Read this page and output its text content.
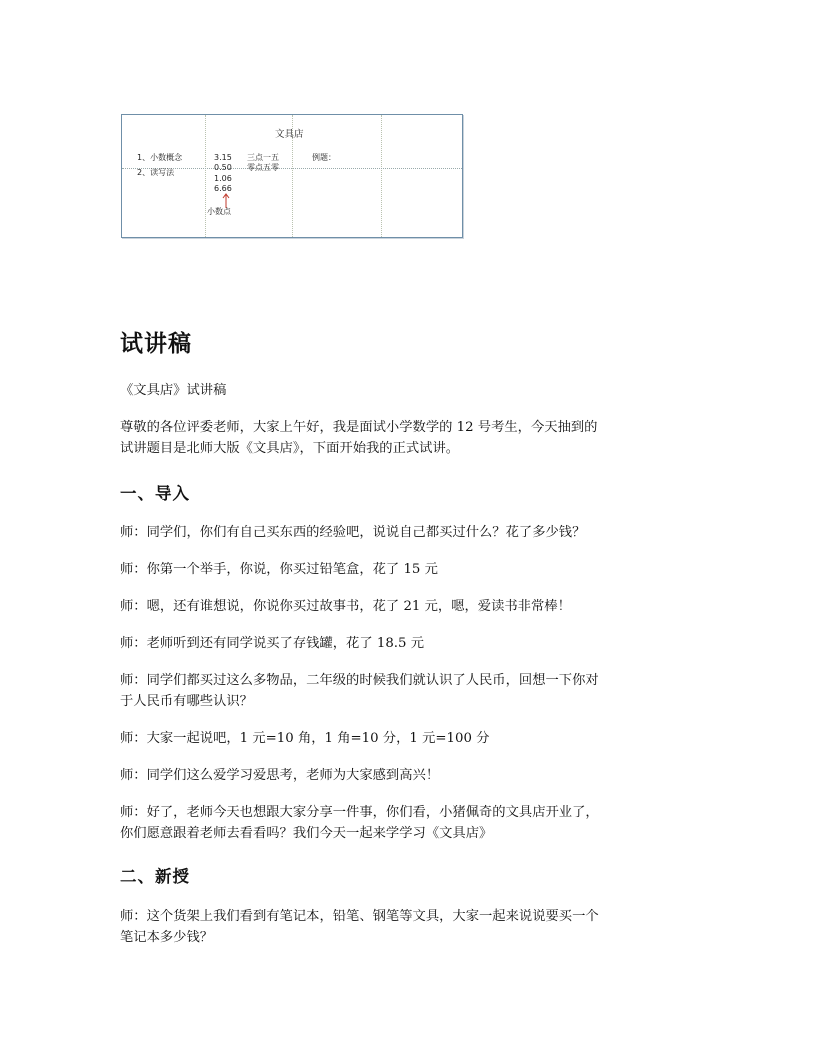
文具店
1、小数概念
2、读写法
3.15
0.50
1.06
6.66
小数点
三点一五
零点五零
例题：
试讲稿
《文具店》试讲稿
尊敬的各位评委老师，大家上午好，我是面试小学数学的 12 号考生，今天抽到的
试讲题目是北师大版《文具店》，下面开始我的正式试讲。
一、导入
师：同学们，你们有自己买东西的经验吧，说说自己都买过什么？花了多少钱？
师：你第一个举手，你说，你买过铅笔盒，花了 15 元
师：嗯，还有谁想说，你说你买过故事书，花了 21 元，嗯，爱读书非常棒！
师：老师听到还有同学说买了存钱罐，花了 18.5 元
师：同学们都买过这么多物品，二年级的时候我们就认识了人民币，回想一下你对
于人民币有哪些认识？
师：大家一起说吧，1 元=10 角，1 角=10 分，1 元=100 分
师：同学们这么爱学习爱思考，老师为大家感到高兴！
师：好了，老师今天也想跟大家分享一件事，你们看，小猪佩奇的文具店开业了，
你们愿意跟着老师去看看吗？我们今天一起来学学习《文具店》
二、新授
师：这个货架上我们看到有笔记本，铅笔、钢笔等文具，大家一起来说说要买一个
笔记本多少钱？
